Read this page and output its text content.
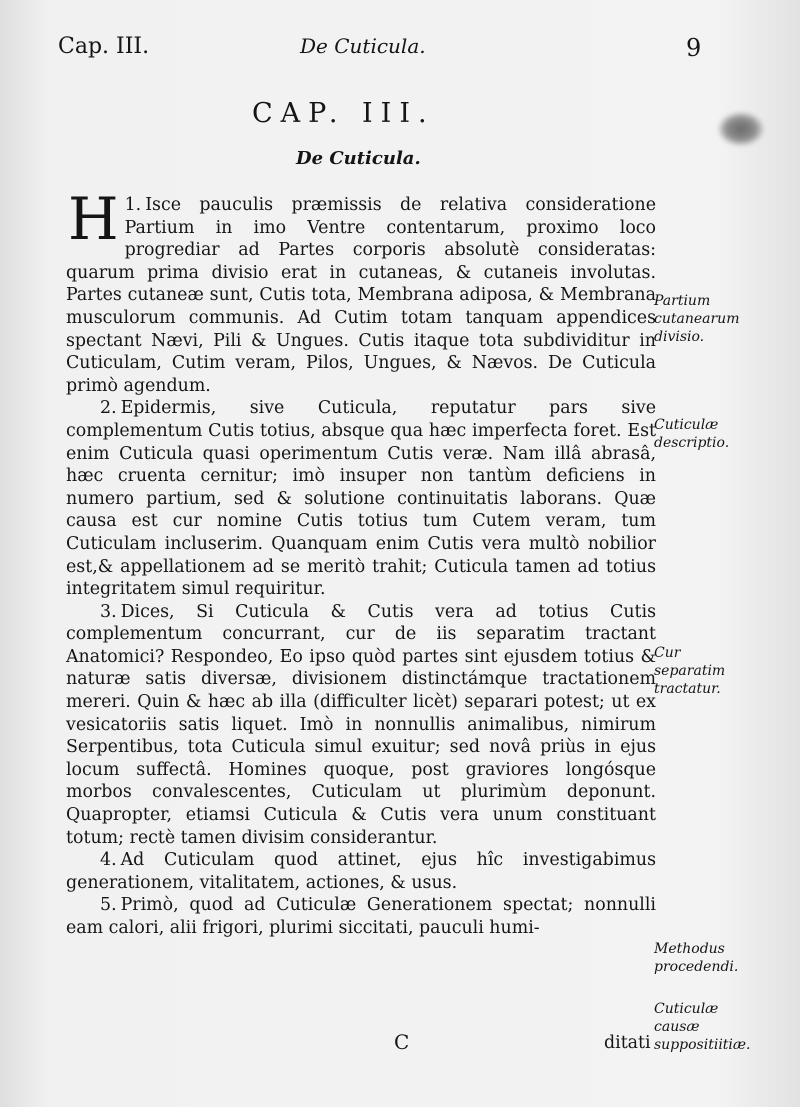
Cap. III.	De Cuticula.	9
CAP. III.
De Cuticula.

1.
H Isce pauculis præmissis de relativa consideratione Partium in imo Ventre contentarum, proximo loco progrediar ad Partes corporis absolutè consideratas: quarum prima divisio erat in cutaneas, & cutaneis involutas. Partes cutaneæ sunt, Cutis tota, Membrana adiposa, & Membrana musculorum communis. Ad Cutim totam tanquam appendices spectant Nævi, Pili & Ungues. Cutis itaque tota subdividitur in Cuticulam, Cutim veram, Pilos, Ungues, & Nævos. De Cuticula primò agendum.

2. Epidermis, sive Cuticula, reputatur pars sive complementum Cutis totius, absque qua hæc imperfecta foret. Est enim Cuticula quasi operimentum Cutis veræ. Nam illâ abrasâ, hæc cruenta cernitur; imò insuper non tantùm deficiens in numero partium, sed & solutione continuitatis laborans. Quæ causa est cur nomine Cutis totius tum Cutem veram, tum Cuticulam incluserim. Quanquam enim Cutis vera multò nobilior est,& appellationem ad se meritò trahit; Cuticula tamen ad totius integritatem simul requiritur.

3. Dices, Si Cuticula & Cutis vera ad totius Cutis complementum concurrant, cur de iis separatim tractant Anatomici? Respondeo, Eo ipso quòd partes sint ejusdem totius & naturæ satis diversæ, divisionem distinctámque tractationem mereri. Quin & hæc ab illa (difficulter licèt) separari potest; ut ex vesicatoriis satis liquet. Imò in nonnullis animalibus, nimirum Serpentibus, tota Cuticula simul exuitur; sed novâ priùs in ejus locum suffectâ. Homines quoque, post graviores longósque morbos convalescentes, Cuticulam ut plurimùm deponunt. Quapropter, etiamsi Cuticula & Cutis vera unum constituant totum; rectè tamen divisim considerantur.

4. Ad Cuticulam quod attinet, ejus hîc investigabimus generationem, vitalitatem, actiones, & usus.

5. Primò, quod ad Cuticulæ Generationem spectat; nonnulli eam calori, alii frigori, plurimi siccitati, pauculi humi-

Partium cutanearum divisio.
Cuticulæ descriptio.
Cur separatim tractatur.
Methodus procedendi.
Cuticulæ causæ suppositiitiæ.
C	ditati
